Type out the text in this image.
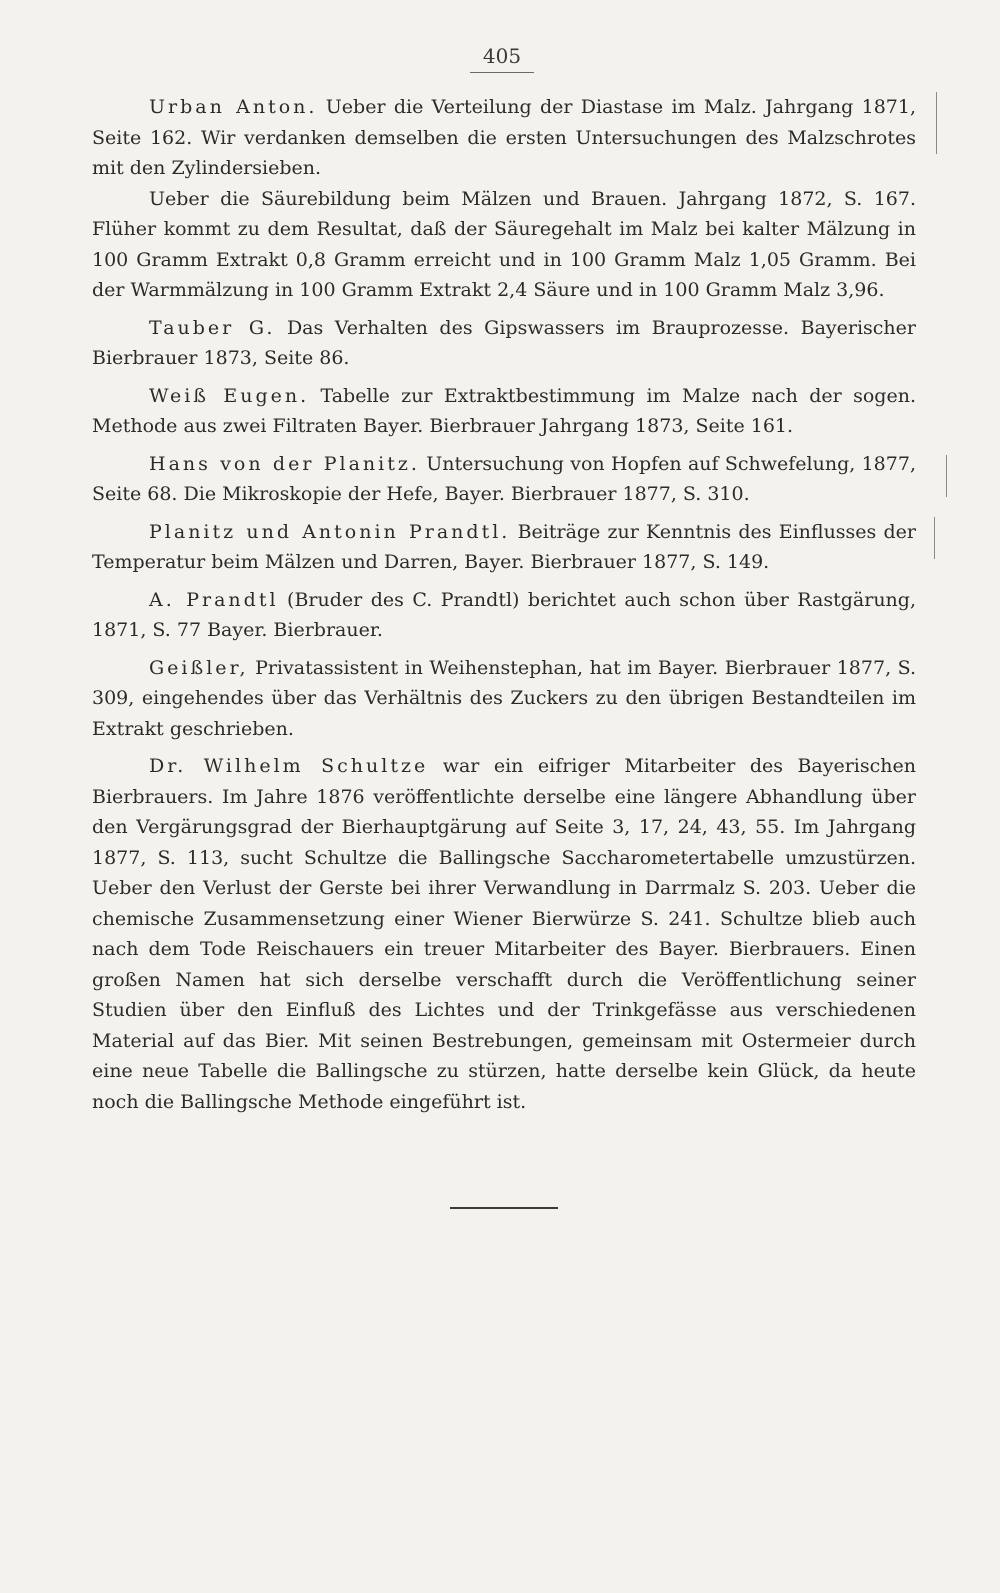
405

Urban Anton. Ueber die Verteilung der Diastase im Malz. Jahrgang 1871, Seite 162. Wir verdanken demselben die ersten Untersuchungen des Malzschrotes mit den Zylindersieben.
Ueber die Säurebildung beim Mälzen und Brauen. Jahrgang 1872, S. 167. Flüher kommt zu dem Resultat, daß der Säuregehalt im Malz bei kalter Mälzung in 100 Gramm Extrakt 0,8 Gramm erreicht und in 100 Gramm Malz 1,05 Gramm. Bei der Warmmälzung in 100 Gramm Extrakt 2,4 Säure und in 100 Gramm Malz 3,96.

Tauber G. Das Verhalten des Gipswassers im Brauprozesse. Bayerischer Bierbrauer 1873, Seite 86.

Weiß Eugen. Tabelle zur Extraktbestimmung im Malze nach der sogen. Methode aus zwei Filtraten Bayer. Bierbrauer Jahrgang 1873, Seite 161.

Hans von der Planitz. Untersuchung von Hopfen auf Schwefelung, 1877, Seite 68. Die Mikroskopie der Hefe, Bayer. Bierbrauer 1877, S. 310.

Planitz und Antonin Prandtl. Beiträge zur Kenntnis des Einflusses der Temperatur beim Mälzen und Darren, Bayer. Bierbrauer 1877, S. 149.

A. Prandtl (Bruder des C. Prandtl) berichtet auch schon über Rastgärung, 1871, S. 77 Bayer. Bierbrauer.

Geißler, Privatassistent in Weihenstephan, hat im Bayer. Bierbrauer 1877, S. 309, eingehendes über das Verhältnis des Zuckers zu den übrigen Bestandteilen im Extrakt geschrieben.

Dr. Wilhelm Schultze war ein eifriger Mitarbeiter des Bayerischen Bierbrauers. Im Jahre 1876 veröffentlichte derselbe eine längere Abhandlung über den Vergärungsgrad der Bierhauptgärung auf Seite 3, 17, 24, 43, 55. Im Jahrgang 1877, S. 113, sucht Schultze die Ballingsche Saccharometertabelle umzustürzen. Ueber den Verlust der Gerste bei ihrer Verwandlung in Darrmalz S. 203. Ueber die chemische Zusammensetzung einer Wiener Bierwürze S. 241. Schultze blieb auch nach dem Tode Reischauers ein treuer Mitarbeiter des Bayer. Bierbrauers. Einen großen Namen hat sich derselbe verschafft durch die Veröffentlichung seiner Studien über den Einfluß des Lichtes und der Trinkgefässe aus verschiedenen Material auf das Bier. Mit seinen Bestrebungen, gemeinsam mit Ostermeier durch eine neue Tabelle die Ballingsche zu stürzen, hatte derselbe kein Glück, da heute noch die Ballingsche Methode eingeführt ist.
